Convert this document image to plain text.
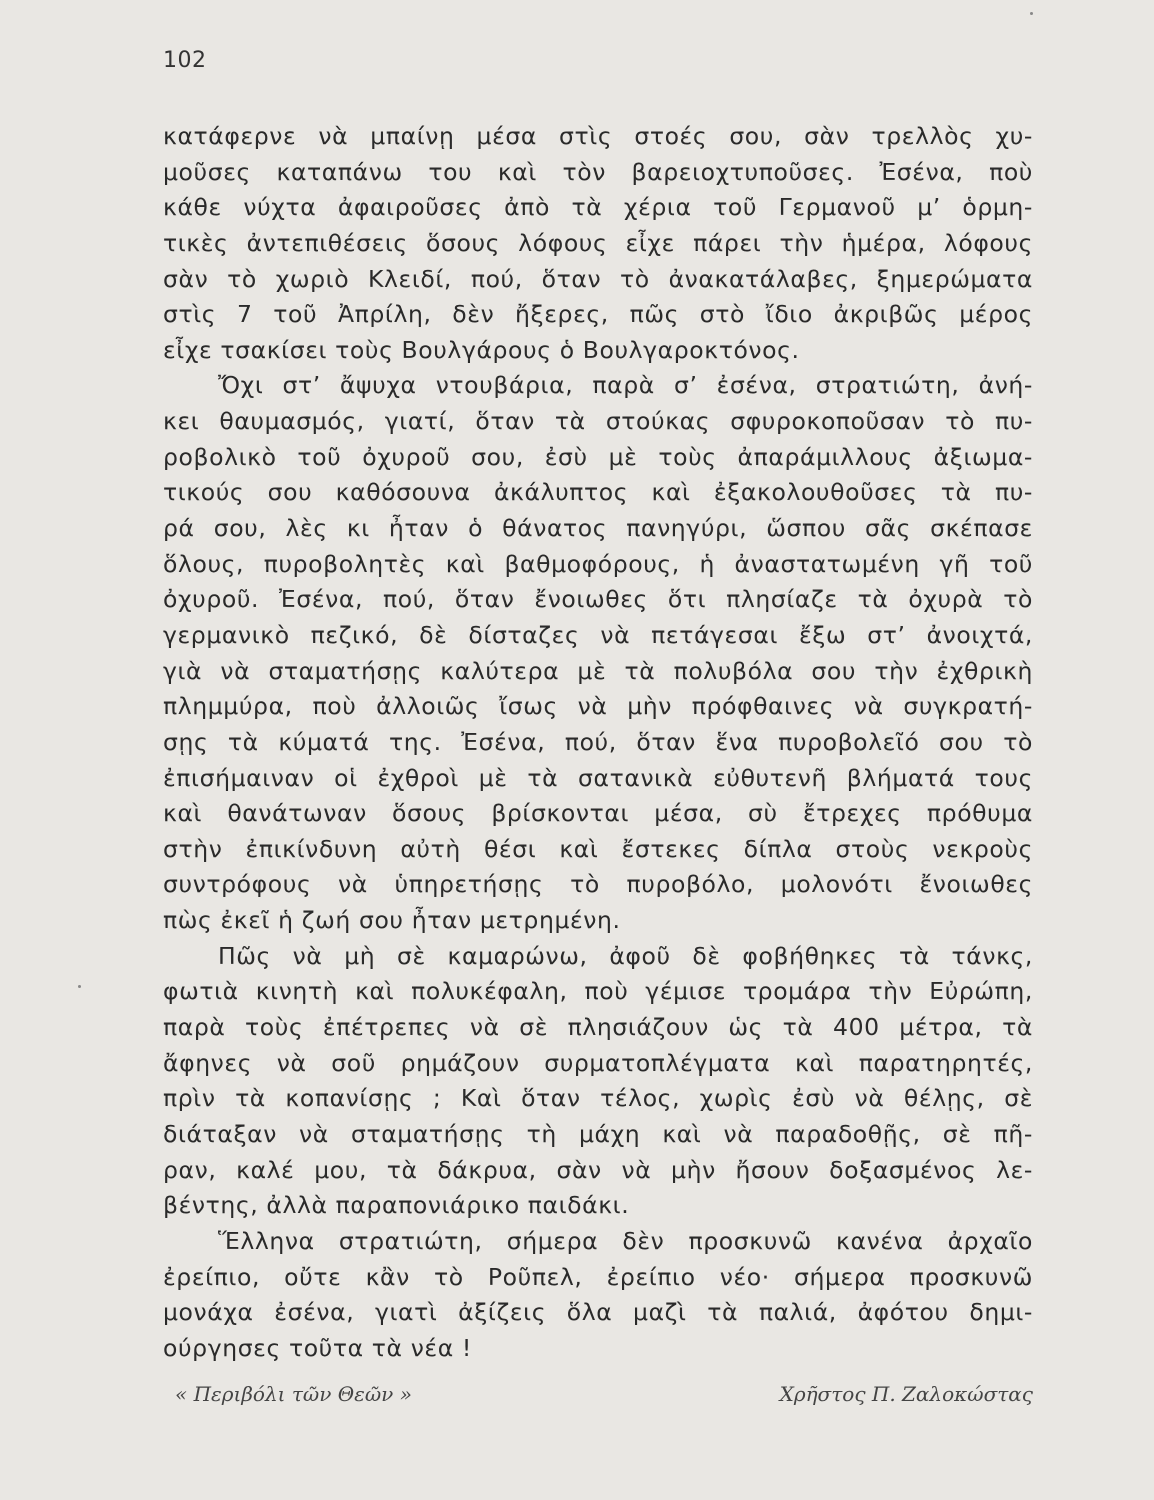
102
κατάφερνε νὰ μπαίνῃ μέσα στὶς στοές σου, σὰν τρελλὸς χυ-
μοῦσες καταπάνω του καὶ τὸν βαρειοχτυποῦσες. Ἐσένα, ποὺ
κάθε νύχτα ἀφαιροῦσες ἀπὸ τὰ χέρια τοῦ Γερμανοῦ μ’ ὁρμη-
τικὲς ἀντεπιθέσεις ὅσους λόφους εἶχε πάρει τὴν ἡμέρα, λόφους
σὰν τὸ χωριὸ Κλειδί, πού, ὅταν τὸ ἀνακατάλαβες, ξημερώματα
στὶς 7 τοῦ Ἀπρίλη, δὲν ἤξερες, πῶς στὸ ἴδιο ἀκριβῶς μέρος
εἶχε τσακίσει τοὺς Βουλγάρους ὁ Βουλγαροκτόνος.
Ὄχι στ’ ἄψυχα ντουβάρια, παρὰ σ’ ἐσένα, στρατιώτη, ἀνή-
κει θαυμασμός, γιατί, ὅταν τὰ στούκας σφυροκοποῦσαν τὸ πυ-
ροβολικὸ τοῦ ὀχυροῦ σου, ἐσὺ μὲ τοὺς ἀπαράμιλλους ἀξιωμα-
τικούς σου καθόσουνα ἀκάλυπτος καὶ ἐξακολουθοῦσες τὰ πυ-
ρά σου, λὲς κι ἦταν ὁ θάνατος πανηγύρι, ὥσπου σᾶς σκέπασε
ὅλους, πυροβολητὲς καὶ βαθμοφόρους, ἡ ἀναστατωμένη γῆ τοῦ
ὀχυροῦ. Ἐσένα, πού, ὅταν ἔνοιωθες ὅτι πλησίαζε τὰ ὀχυρὰ τὸ
γερμανικὸ πεζικό, δὲ δίσταζες νὰ πετάγεσαι ἔξω στ’ ἀνοιχτά,
γιὰ νὰ σταματήσῃς καλύτερα μὲ τὰ πολυβόλα σου τὴν ἐχθρικὴ
πλημμύρα, ποὺ ἀλλοιῶς ἴσως νὰ μὴν πρόφθαινες νὰ συγκρατή-
σῃς τὰ κύματά της. Ἐσένα, πού, ὅταν ἕνα πυροβολεῖό σου τὸ
ἐπισήμαιναν οἱ ἐχθροὶ μὲ τὰ σατανικὰ εὐθυτενῆ βλήματά τους
καὶ θανάτωναν ὅσους βρίσκονται μέσα, σὺ ἔτρεχες πρόθυμα
στὴν ἐπικίνδυνη αὐτὴ θέσι καὶ ἔστεκες δίπλα στοὺς νεκροὺς
συντρόφους νὰ ὑπηρετήσῃς τὸ πυροβόλο, μολονότι ἔνοιωθες
πὼς ἐκεῖ ἡ ζωή σου ἦταν μετρημένη.
Πῶς νὰ μὴ σὲ καμαρώνω, ἀφοῦ δὲ φοβήθηκες τὰ τάνκς,
φωτιὰ κινητὴ καὶ πολυκέφαλη, ποὺ γέμισε τρομάρα τὴν Εὐρώπη,
παρὰ τοὺς ἐπέτρεπες νὰ σὲ πλησιάζουν ὡς τὰ 400 μέτρα, τὰ
ἄφηνες νὰ σοῦ ρημάζουν συρματοπλέγματα καὶ παρατηρητές,
πρὶν τὰ κοπανίσῃς ; Καὶ ὅταν τέλος, χωρὶς ἐσὺ νὰ θέλῃς, σὲ
διάταξαν νὰ σταματήσῃς τὴ μάχη καὶ νὰ παραδοθῇς, σὲ πῆ-
ραν, καλέ μου, τὰ δάκρυα, σὰν νὰ μὴν ἤσουν δοξασμένος λε-
βέντης, ἀλλὰ παραπονιάρικο παιδάκι.
Ἕλληνα στρατιώτη, σήμερα δὲν προσκυνῶ κανένα ἀρχαῖο
ἐρείπιο, οὔτε κἂν τὸ Ροῦπελ, ἐρείπιο νέο· σήμερα προσκυνῶ
μονάχα ἐσένα, γιατὶ ἀξίζεις ὅλα μαζὶ τὰ παλιά, ἀφότου δημι-
ούργησες τοῦτα τὰ νέα !
« Περιβόλι τῶν Θεῶν »	Χρῆστος Π. Ζαλοκώστας
